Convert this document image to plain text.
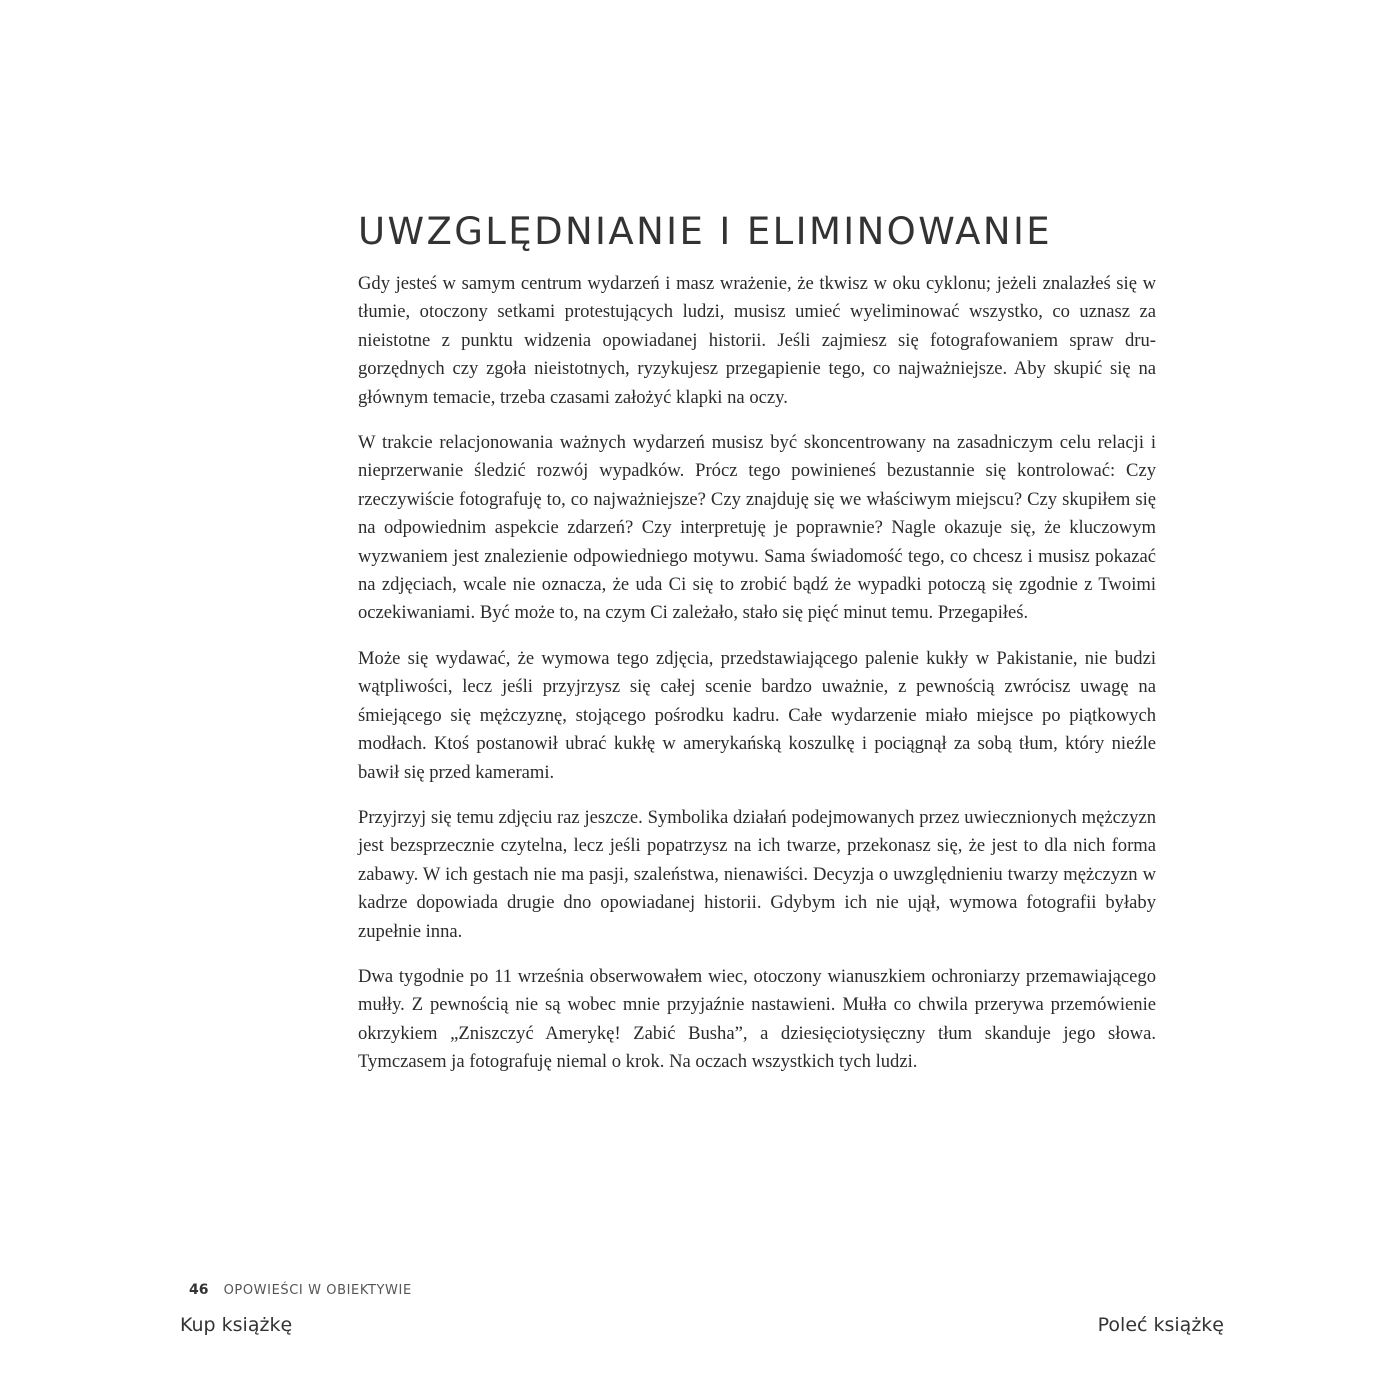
UWZGLĘDNIANIE I ELIMINOWANIE

Gdy jesteś w samym centrum wydarzeń i masz wrażenie, że tkwisz w oku cyklonu; jeżeli znalazłeś się w tłumie, otoczony setkami protestujących ludzi, musisz umieć wyeliminować wszystko, co uznasz za nieistotne z punktu widzenia opowiadanej historii. Jeśli zajmiesz się fotografowaniem spraw drugorzędnych czy zgoła nieistotnych, ryzykujesz przegapienie tego, co najważniejsze. Aby skupić się na głównym temacie, trzeba czasami założyć klapki na oczy.

W trakcie relacjonowania ważnych wydarzeń musisz być skoncentrowany na zasadniczym celu relacji i nieprzerwanie śledzić rozwój wypadków. Prócz tego powinieneś bezustannie się kontrolować: Czy rzeczywiście fotografuję to, co najważniejsze? Czy znajduję się we właściwym miejscu? Czy skupiłem się na odpowiednim aspekcie zdarzeń? Czy interpretuję je poprawnie? Nagle okazuje się, że kluczowym wyzwaniem jest znalezienie odpowiedniego motywu. Sama świadomość tego, co chcesz i musisz pokazać na zdjęciach, wcale nie oznacza, że uda Ci się to zrobić bądź że wypadki potoczą się zgodnie z Twoimi oczekiwaniami. Być może to, na czym Ci zależało, stało się pięć minut temu. Przegapiłeś.

Może się wydawać, że wymowa tego zdjęcia, przedstawiającego palenie kukły w Pakistanie, nie budzi wątpliwości, lecz jeśli przyjrzysz się całej scenie bardzo uważnie, z pewnością zwrócisz uwagę na śmiejącego się mężczyznę, stojącego pośrodku kadru. Całe wydarzenie miało miejsce po piątkowych modłach. Ktoś postanowił ubrać kukłę w amerykańską koszulkę i pociągnął za sobą tłum, który nieźle bawił się przed kamerami.

Przyjrzyj się temu zdjęciu raz jeszcze. Symbolika działań podejmowanych przez uwiecznionych mężczyzn jest bezsprzecznie czytelna, lecz jeśli popatrzysz na ich twarze, przekonasz się, że jest to dla nich forma zabawy. W ich gestach nie ma pasji, szaleństwa, nienawiści. Decyzja o uwzględnieniu twarzy mężczyzn w kadrze dopowiada drugie dno opowiadanej historii. Gdybym ich nie ujął, wymowa fotografii byłaby zupełnie inna.

Dwa tygodnie po 11 września obserwowałem wiec, otoczony wianuszkiem ochroniarzy przemawiającego mułły. Z pewnością nie są wobec mnie przyjaźnie nastawieni. Mułła co chwila przerywa przemówienie okrzykiem „Zniszczyć Amerykę! Zabić Busha”, a dziesięciotysięczny tłum skanduje jego słowa. Tymczasem ja fotografuję niemal o krok. Na oczach wszystkich tych ludzi.

46 OPOWIEŚCI W OBIEKTYWIE
Kup książkę	Poleć książkę
